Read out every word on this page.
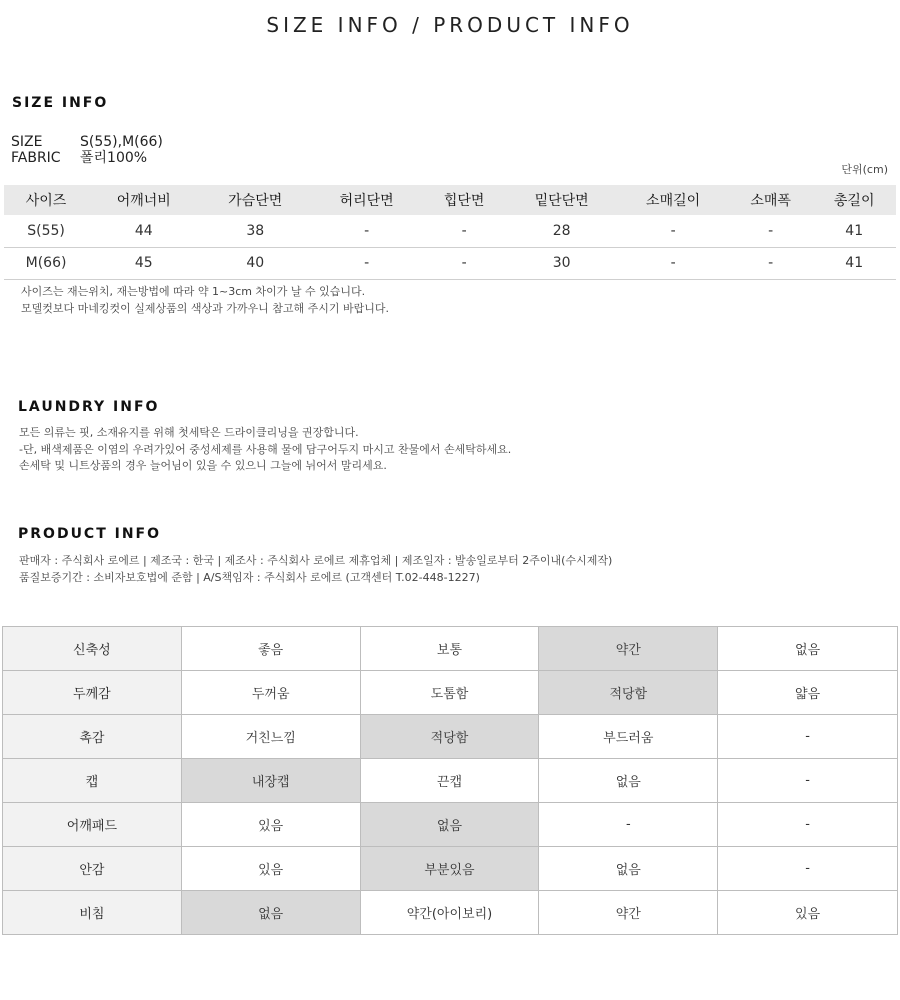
SIZE INFO / PRODUCT INFO
SIZE INFO
SIZE	S(55),M(66)
FABRIC	폴리100%
단위(cm)
사이즈	어깨너비	가슴단면	허리단면	힙단면	밑단단면	소매길이	소매폭	총길이
S(55)	44	38	-	-	28	-	-	41
M(66)	45	40	-	-	30	-	-	41
사이즈는 재는위치, 재는방법에 따라 약 1~3cm 차이가 날 수 있습니다.
모델컷보다 마네킹컷이 실제상품의 색상과 가까우니 참고해 주시기 바랍니다.
LAUNDRY INFO
모든 의류는 핏, 소재유지를 위해 첫세탁은 드라이클리닝을 권장합니다.
-단, 배색제품은 이염의 우려가있어 중성세제를 사용해 물에 담구어두지 마시고 찬물에서 손세탁하세요.
손세탁 및 니트상품의 경우 늘어님이 있을 수 있으니 그늘에 뉘어서 말리세요.
PRODUCT INFO
판매자 : 주식회사 로에르 | 제조국 : 한국 | 제조사 : 주식회사 로에르 제휴업체 | 제조일자 : 발송일로부터 2주이내(수시제작)
품질보증기간 : 소비자보호법에 준함 | A/S책임자 : 주식회사 로에르 (고객센터 T.02-448-1227)
신축성	좋음	보통	약간	없음
두께감	두꺼움	도톰함	적당함	얇음
촉감	거친느낌	적당함	부드러움	-
캡	내장캡	끈캡	없음	-
어깨패드	있음	없음	-	-
안감	있음	부분있음	없음	-
비침	없음	약간(아이보리)	약간	있음
